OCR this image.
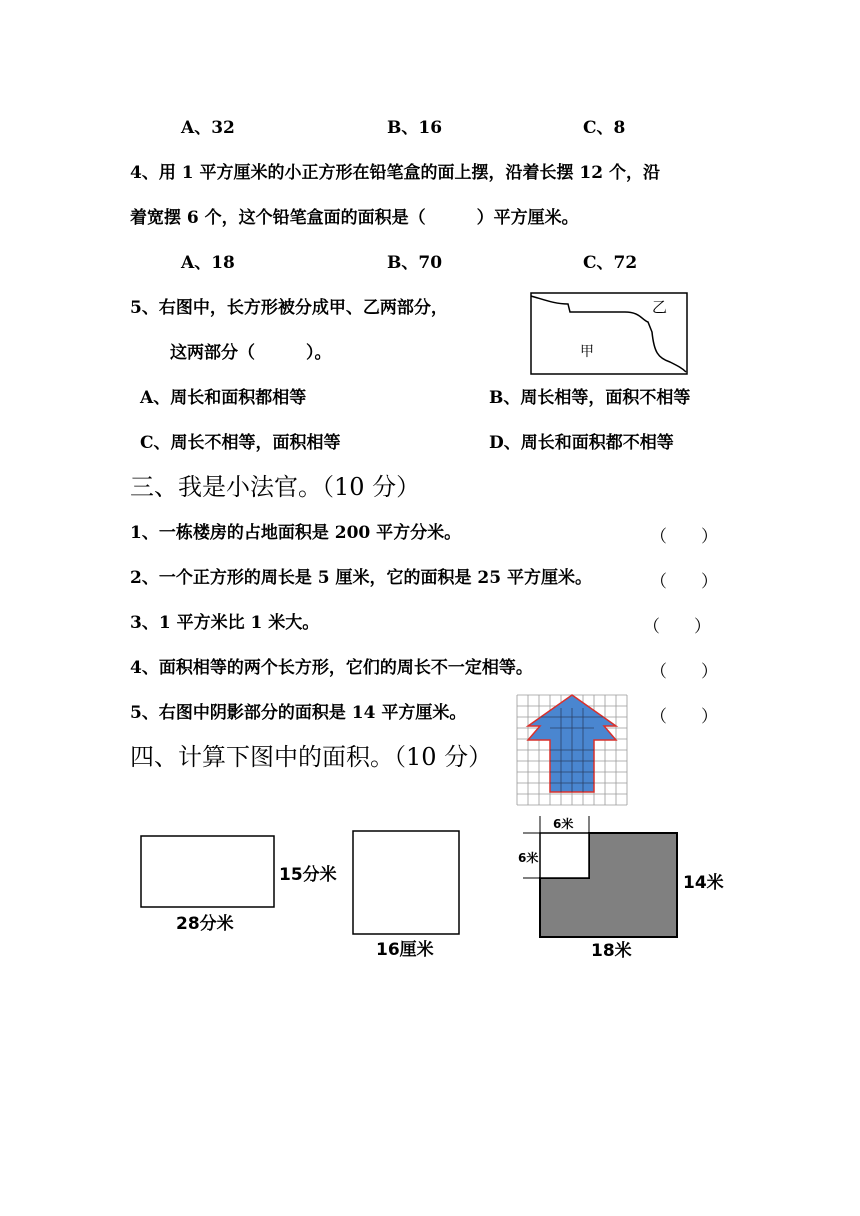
A、32	B、16	C、8
4、用 1 平方厘米的小正方形在铅笔盒的面上摆，沿着长摆 12 个，沿
着宽摆 6 个，这个铅笔盒面的面积是（　　　）平方厘米。
A、18	B、70	C、72
5、右图中，长方形被分成甲、乙两部分，
这两部分（　　　）。
乙
甲
A、周长和面积都相等	B、周长相等，面积不相等
C、周长不相等，面积相等	D、周长和面积都不相等
三、我是小法官。（10 分）
1、一栋楼房的占地面积是 200 平方分米。	（　　）
2、一个正方形的周长是 5 厘米，它的面积是 25 平方厘米。	（　　）
3、1 平方米比 1 米大。	（　　）
4、面积相等的两个长方形，它们的周长不一定相等。	（　　）
5、右图中阴影部分的面积是 14 平方厘米。	（　　）
四、计算下图中的面积。（10 分）
15分米
28分米
16厘米
6米
6米
14米
18米
